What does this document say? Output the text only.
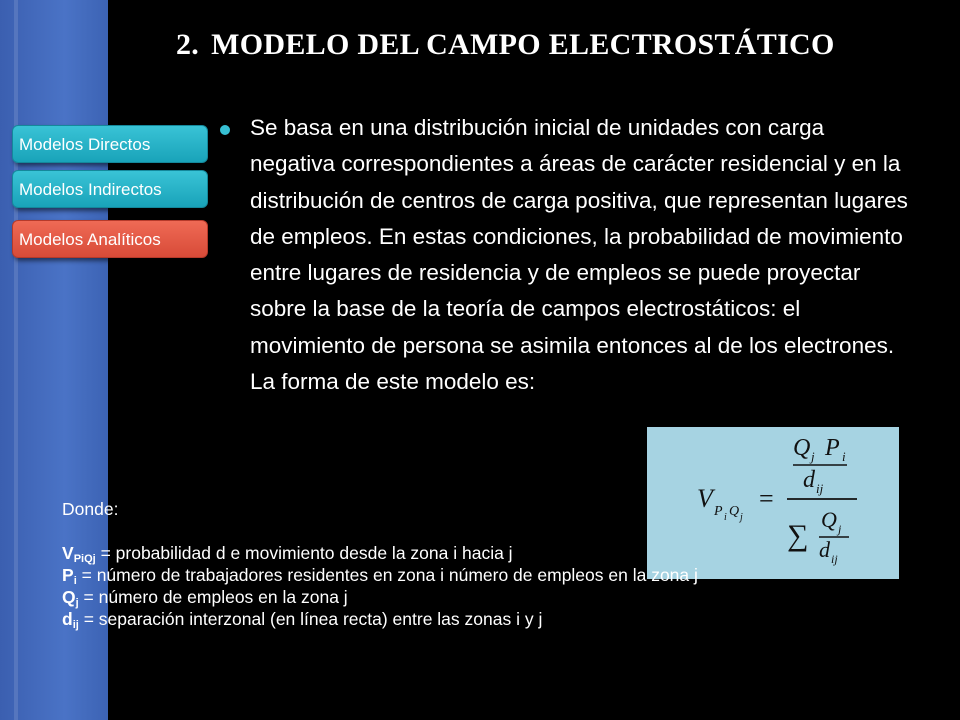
Modelos Directos
Modelos Indirectos
Modelos Analíticos
2. MODELO DEL CAMPO ELECTROSTÁTICO
Se basa en una distribución inicial de unidades con carga negativa correspondientes a áreas de carácter residencial y en la distribución de centros de carga positiva, que representan lugares de empleos. En estas condiciones, la probabilidad de movimiento entre lugares de residencia y de empleos se puede proyectar sobre la base de la teoría de campos electrostáticos: el movimiento de persona se asimila entonces al de los electrones. La forma de este modelo es:
V P i Q j
=
Q j P i
d ij
∑ Q j
d ij
Donde:
$V_{PiQj}$ = probabilidad d e movimiento desde la zona i hacia j
$P_i$ = número de trabajadores residentes en zona i número de empleos en la zona j
$Q_j$ = número de empleos en la zona j
$d_{ij}$ = separación interzonal (en línea recta) entre las zonas i y j
